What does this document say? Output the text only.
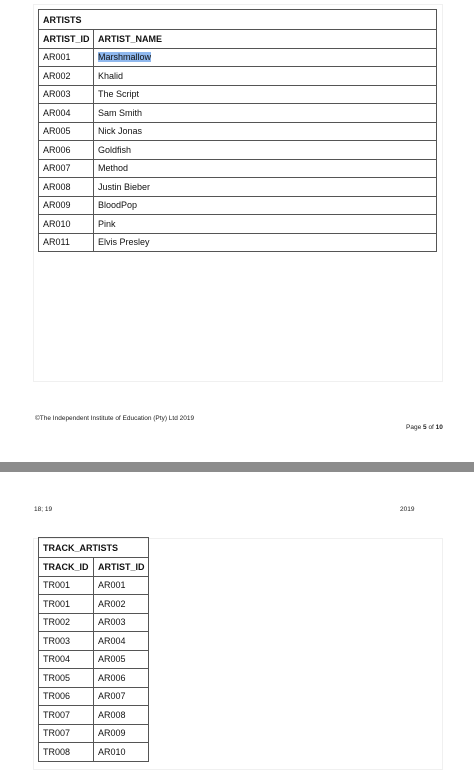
ARTISTS	
ARTIST_ID	ARTIST_NAME
AR001	Marshmallow
AR002	Khalid
AR003	The Script
AR004	Sam Smith
AR005	Nick Jonas
AR006	Goldfish
AR007	Method
AR008	Justin Bieber
AR009	BloodPop
AR010	Pink
AR011	Elvis Presley
©The Independent Institute of Education (Pty) Ltd 2019
Page 5 of 10
18; 19	2019
TRACK_ARTISTS	
TRACK_ID	ARTIST_ID
TR001	AR001
TR001	AR002
TR002	AR003
TR003	AR004
TR004	AR005
TR005	AR006
TR006	AR007
TR007	AR008
TR007	AR009
TR008	AR010
